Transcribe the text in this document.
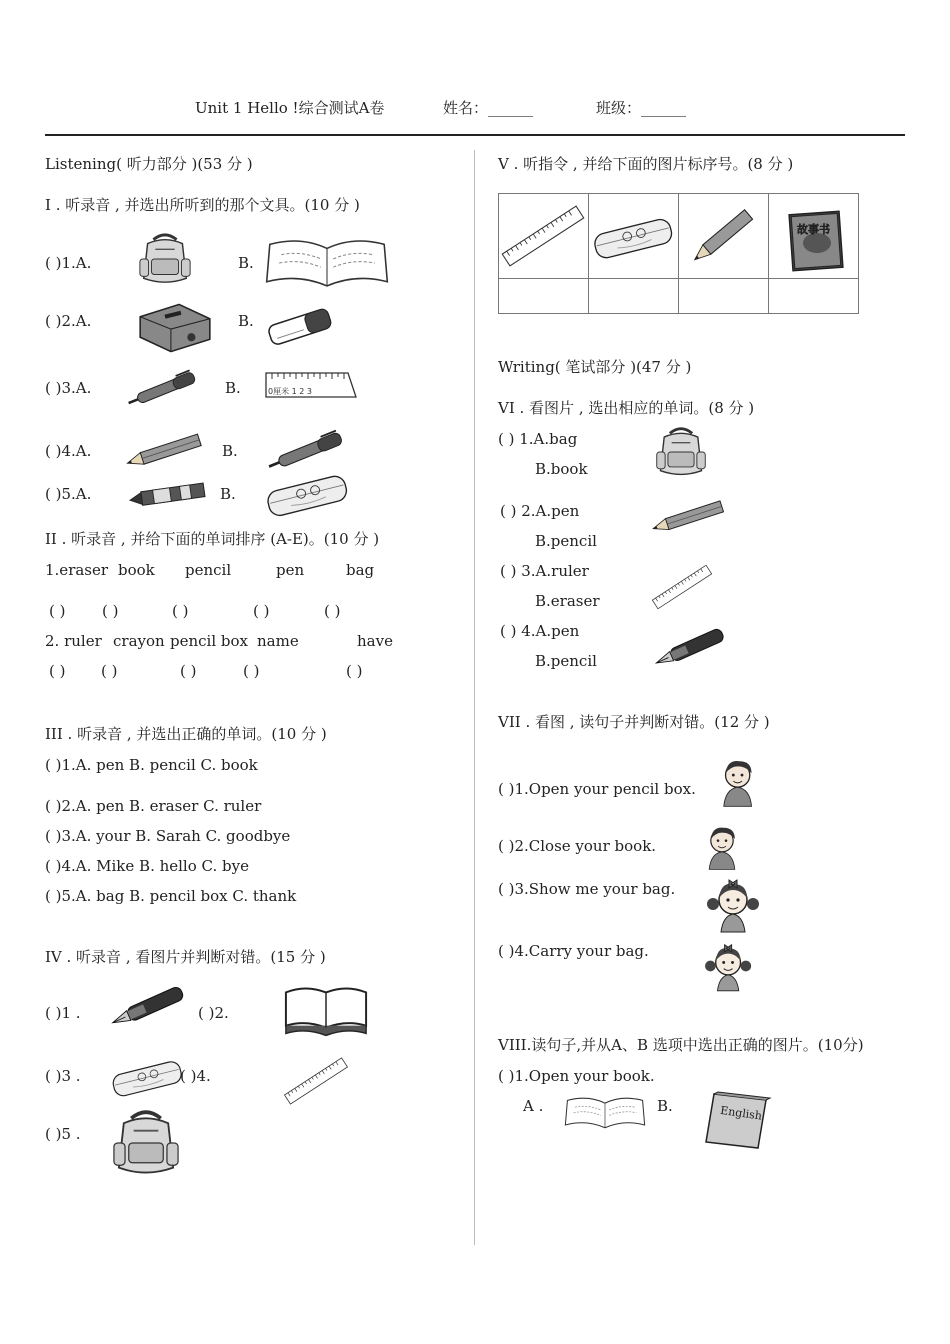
Unit 1 Hello !综合测试A卷	姓名：______	班级：______
Listening( 听力部分 )(53 分 )
I . 听录音 , 并选出所听到的那个文具。(10 分 )
( )1.A.	B.
( )2.A.	B.
( )3.A.	B.	0厘米 1 2 3
( )4.A.	B.
( )5.A.	B.
II . 听录音 , 并给下面的单词排序 (A-E)。(10 分 )
1.eraser book pencil	pen	bag
( ) ( )	( )	( )	( )
2. ruler crayon pencil box name	have
( ) ( )	( )	( )	( )
III . 听录音 , 并选出正确的单词。(10 分 )
( )1.A. pen B. pencil C. book
( )2.A. pen B. eraser C. ruler
( )3.A. your B. Sarah C. goodbye
( )4.A. Mike B. hello C. bye
( )5.A. bag B. pencil box C. thank
IV . 听录音 , 看图片并判断对错。(15 分 )
( )1 .	( )2.
( )3 .	( )4.
( )5 .
V . 听指令 , 并给下面的图片标序号。(8 分 )

故事书

Writing( 笔试部分 )(47 分 )
VI . 看图片 , 选出相应的单词。(8 分 )
( ) 1.A.bag
B.book
( ) 2.A.pen
B.pencil
( ) 3.A.ruler
B.eraser
( ) 4.A.pen
B.pencil
VII . 看图 , 读句子并判断对错。(12 分 )
( )1.Open your pencil box.
( )2.Close your book.
( )3.Show me your bag.
( )4.Carry your bag.
VIII.读句子,并从A、B 选项中选出正确的图片。(10分)
( )1.Open your book.
A .	B.	English
